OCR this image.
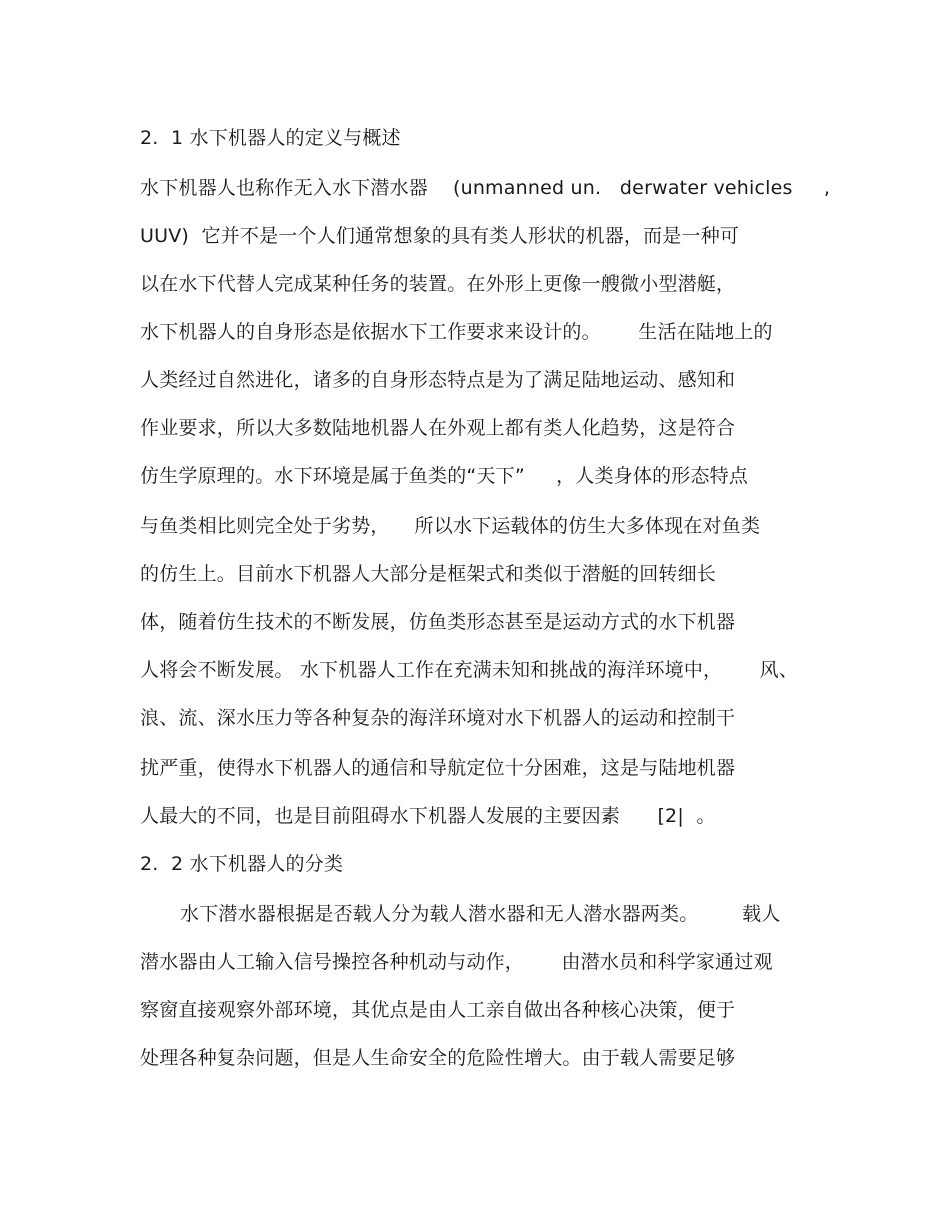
2.  1 水下机器人的定义与概述
水下机器人也称作无入水下潜水器    (unmanned un.   derwater vehicles     ,
UUV)  它并不是一个人们通常想象的具有类人形状的机器，而是一种可
以在水下代替人完成某种任务的装置。在外形上更像一艘微小型潜艇，
水下机器人的自身形态是依据水下工作要求来设计的。      生活在陆地上的
人类经过自然进化，诸多的自身形态特点是为了满足陆地运动、感知和
作业要求，所以大多数陆地机器人在外观上都有类人化趋势，这是符合
仿生学原理的。水下环境是属于鱼类的“天下”     ，人类身体的形态特点
与鱼类相比则完全处于劣势，    所以水下运载体的仿生大多体现在对鱼类
的仿生上。目前水下机器人大部分是框架式和类似于潜艇的回转细长
体，随着仿生技术的不断发展，仿鱼类形态甚至是运动方式的水下机器
人将会不断发展。 水下机器人工作在充满未知和挑战的海洋环境中，      风、
浪、流、深水压力等各种复杂的海洋环境对水下机器人的运动和控制干
扰严重，使得水下机器人的通信和导航定位十分困难，这是与陆地机器
人最大的不同，也是目前阻碍水下机器人发展的主要因素      [2|  。
2.  2 水下机器人的分类
水下潜水器根据是否载人分为载人潜水器和无人潜水器两类。       载人
潜水器由人工输入信号操控各种机动与动作，      由潜水员和科学家通过观
察窗直接观察外部环境，其优点是由人工亲自做出各种核心决策，便于
处理各种复杂问题，但是人生命安全的危险性增大。由于载人需要足够
